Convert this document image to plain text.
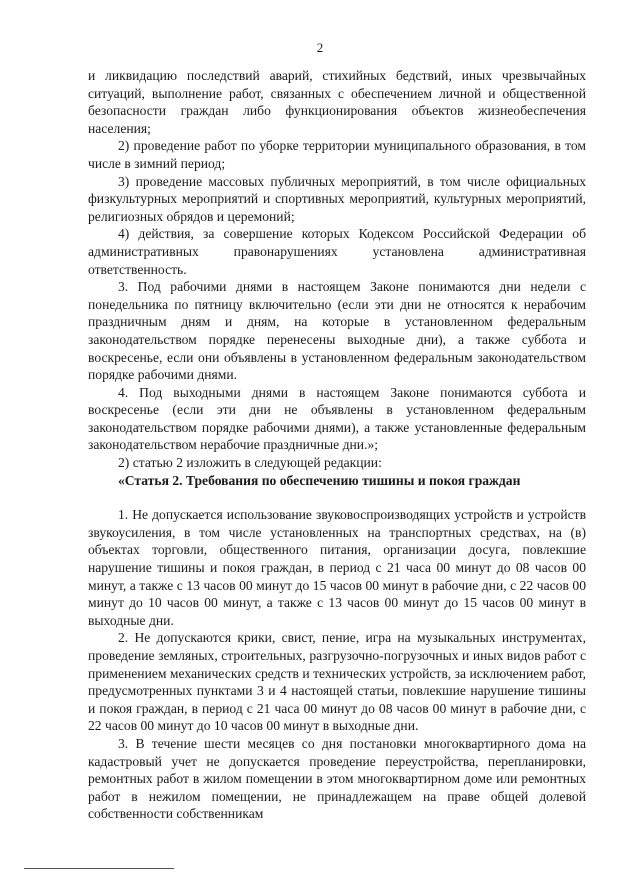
2

и ликвидацию последствий аварий, стихийных бедствий, иных чрезвычайных ситуаций, выполнение работ, связанных с обеспечением личной и общественной безопасности граждан либо функционирования объектов жизнеобеспечения населения;

2) проведение работ по уборке территории муниципального образования, в том числе в зимний период;

3) проведение массовых публичных мероприятий, в том числе официальных физкультурных мероприятий и спортивных мероприятий, культурных мероприятий, религиозных обрядов и церемоний;

4) действия, за совершение которых Кодексом Российской Федерации об административных правонарушениях установлена административная ответственность.

3. Под рабочими днями в настоящем Законе понимаются дни недели с понедельника по пятницу включительно (если эти дни не относятся к нерабочим праздничным дням и дням, на которые в установленном федеральным законодательством порядке перенесены выходные дни), а также суббота и воскресенье, если они объявлены в установленном федеральным законодательством порядке рабочими днями.

4. Под выходными днями в настоящем Законе понимаются суббота и воскресенье (если эти дни не объявлены в установленном федеральным законодательством порядке рабочими днями), а также установленные федеральным законодательством нерабочие праздничные дни.»;

2) статью 2 изложить в следующей редакции:

«Статья 2. Требования по обеспечению тишины и покоя граждан

1. Не допускается использование звуковоспроизводящих устройств и устройств звукоусиления, в том числе установленных на транспортных средствах, на (в) объектах торговли, общественного питания, организации досуга, повлекшие нарушение тишины и покоя граждан, в период с 21 часа 00 минут до 08 часов 00 минут, а также с 13 часов 00 минут до 15 часов 00 минут в рабочие дни, с 22 часов 00 минут до 10 часов 00 минут, а также с 13 часов 00 минут до 15 часов 00 минут в выходные дни.

2. Не допускаются крики, свист, пение, игра на музыкальных инструментах, проведение земляных, строительных, разгрузочно-погрузочных и иных видов работ с применением механических средств и технических устройств, за исключением работ, предусмотренных пунктами 3 и 4 настоящей статьи, повлекшие нарушение тишины и покоя граждан, в период с 21 часа 00 минут до 08 часов 00 минут в рабочие дни, с 22 часов 00 минут до 10 часов 00 минут в выходные дни.

3. В течение шести месяцев со дня постановки многоквартирного дома на кадастровый учет не допускается проведение переустройства, перепланировки, ремонтных работ в жилом помещении в этом многоквартирном доме или ремонтных работ в нежилом помещении, не принадлежащем на праве общей долевой собственности собственникам
